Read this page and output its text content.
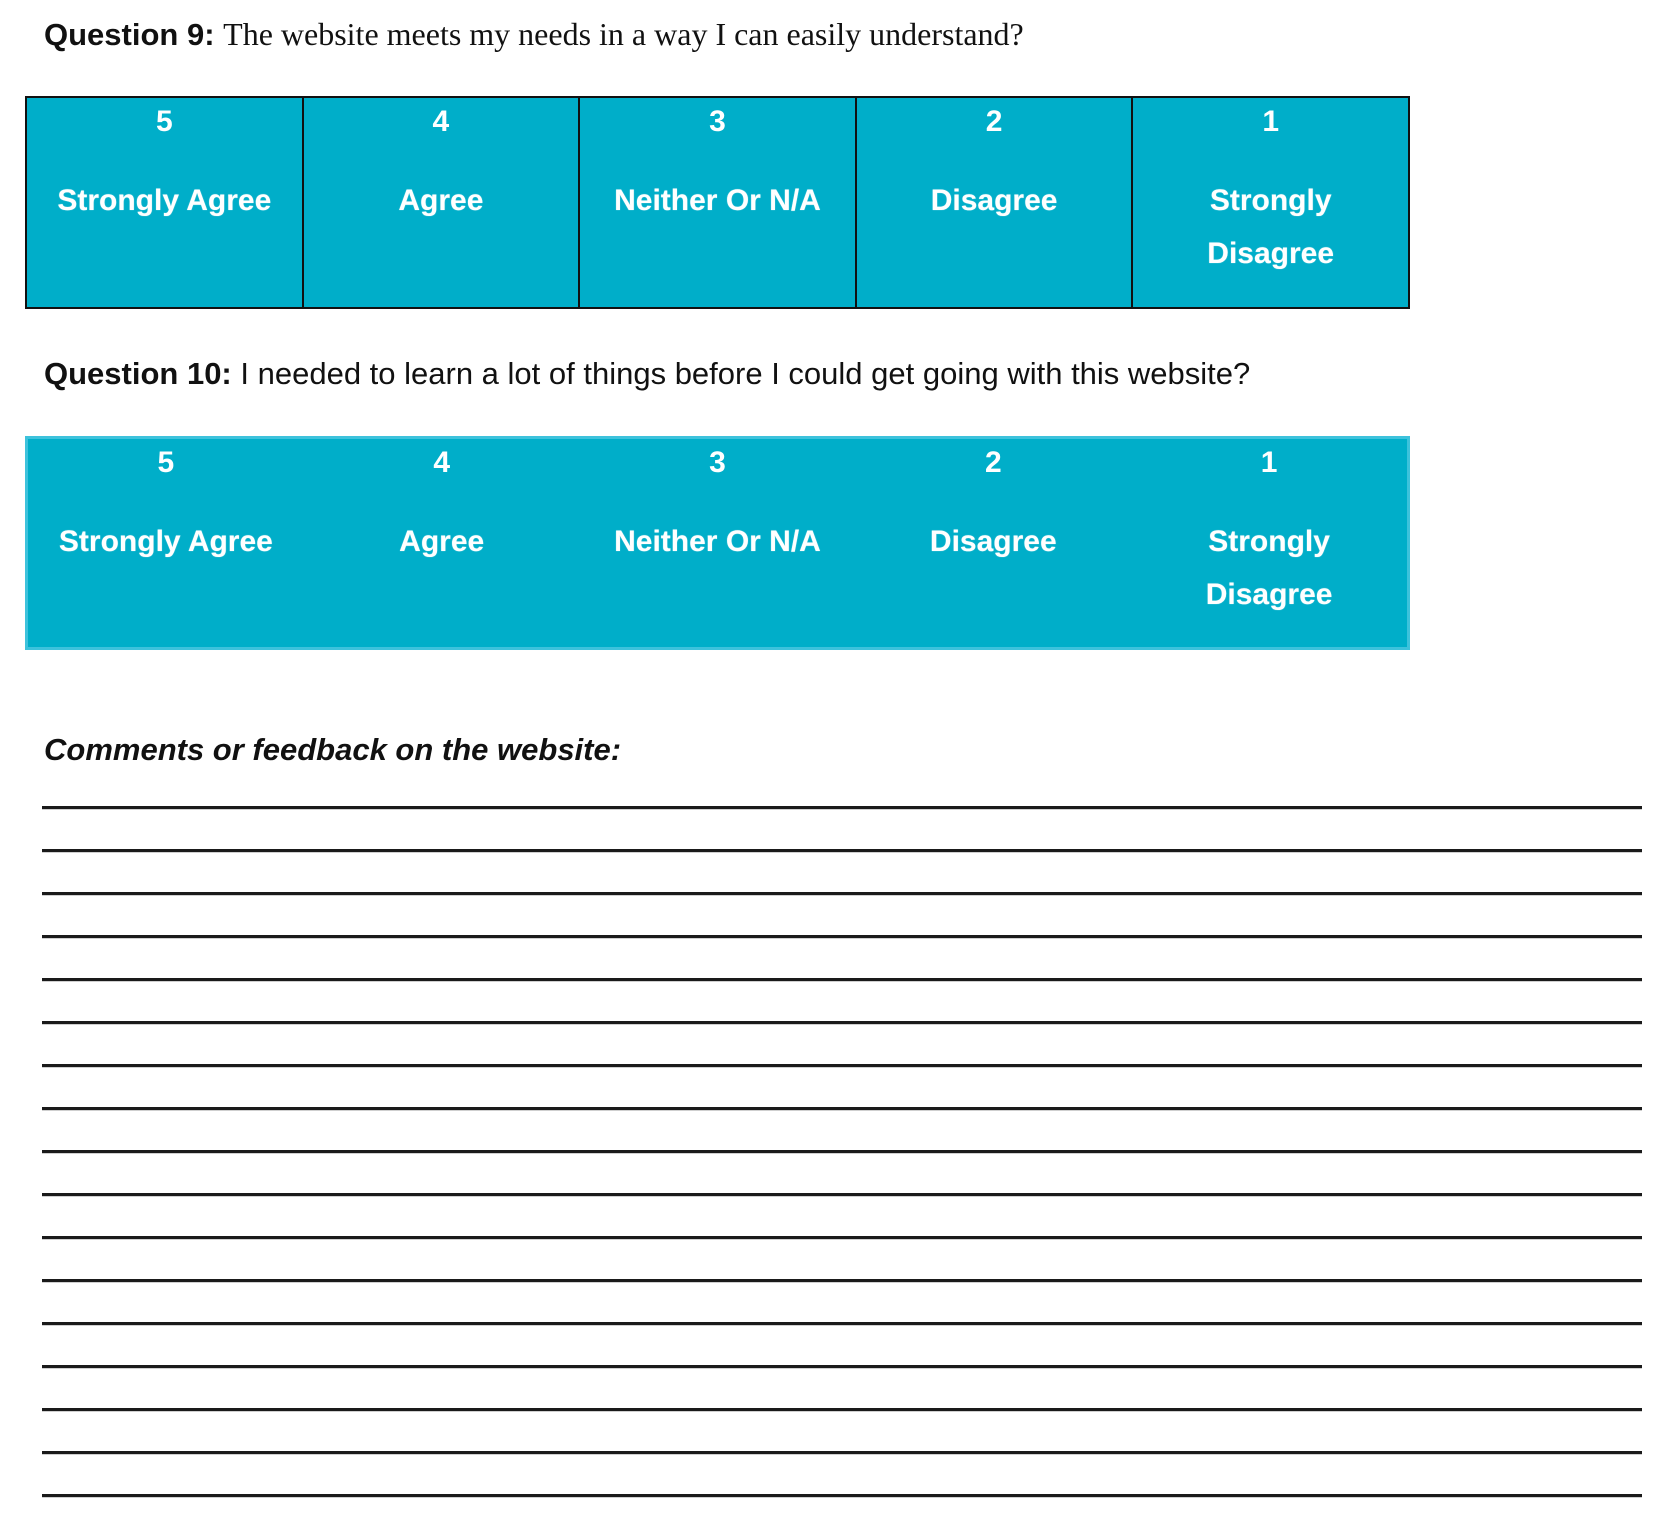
Question 9: The website meets my needs in a way I can easily understand?
5
Strongly Agree
4
Agree
3
Neither Or N/A
2
Disagree
1
Strongly Disagree
Question 10: I needed to learn a lot of things before I could get going with this website?
5
Strongly Agree
4
Agree
3
Neither Or N/A
2
Disagree
1
Strongly Disagree
Comments or feedback on the website:
